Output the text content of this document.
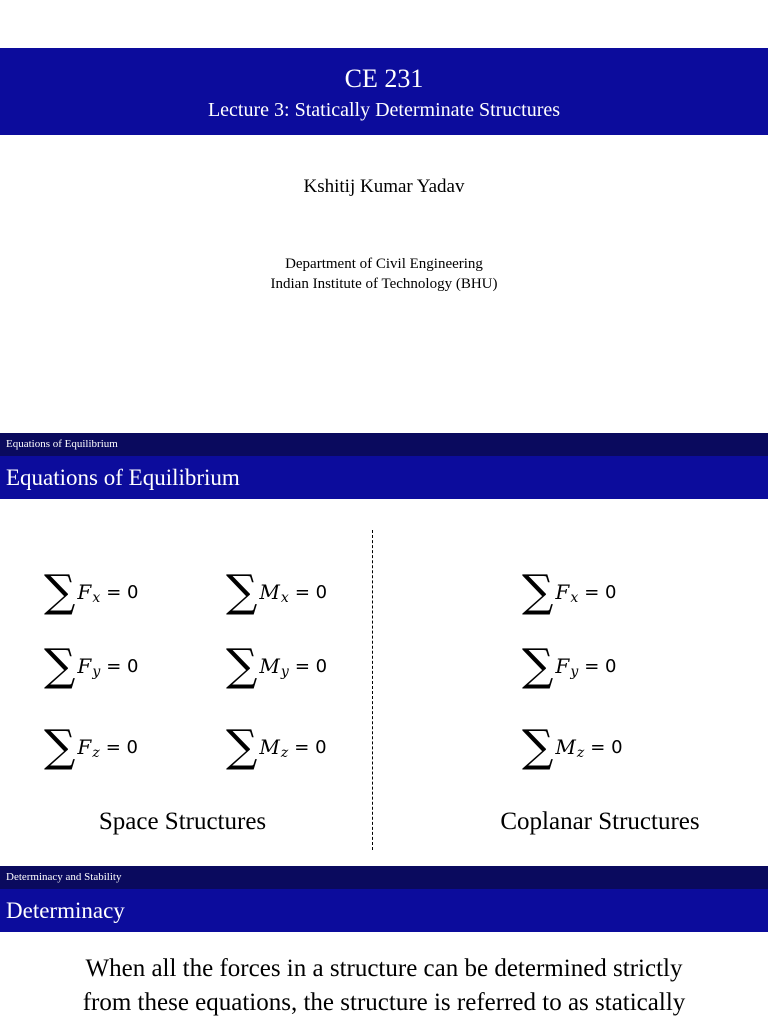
CE 231
Lecture 3: Statically Determinate Structures
Kshitij Kumar Yadav
Department of Civil Engineering
Indian Institute of Technology (BHU)
Equations of Equilibrium
Equations of Equilibrium
∑ F x = 0
∑ F y = 0
∑ F z = 0
∑ M x = 0
∑ M y = 0
∑ M z = 0
∑ F x = 0
∑ F y = 0
∑ M z = 0
Space Structures	Coplanar Structures
Determinacy and Stability
Determinacy
When all the forces in a structure can be determined strictly
from these equations, the structure is referred to as statically
